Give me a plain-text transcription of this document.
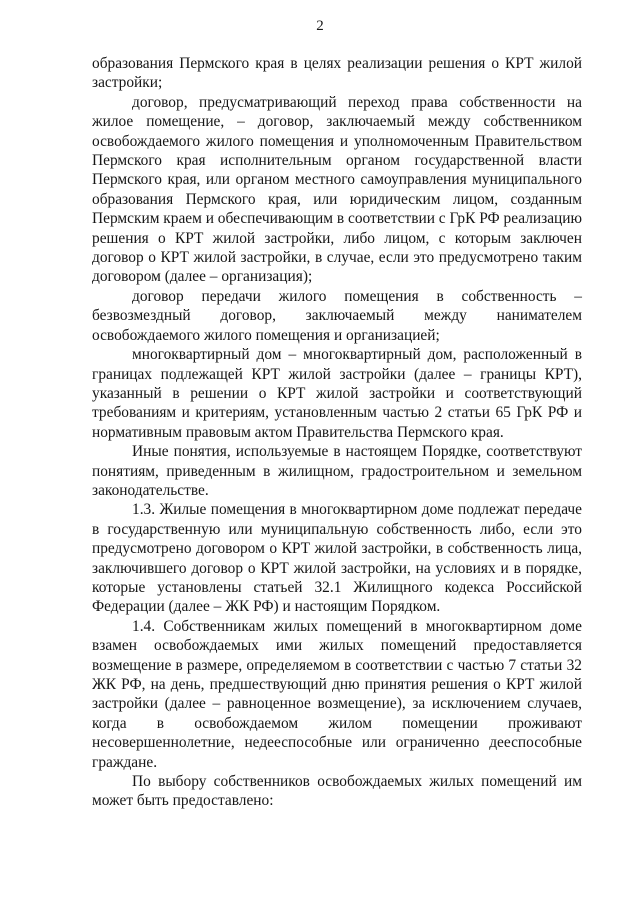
2

образования Пермского края в целях реализации решения о КРТ жилой застройки;

договор, предусматривающий переход права собственности на жилое помещение, – договор, заключаемый между собственником освобождаемого жилого помещения и уполномоченным Правительством Пермского края исполнительным органом государственной власти Пермского края, или органом местного самоуправления муниципального образования Пермского края, или юридическим лицом, созданным Пермским краем и обеспечивающим в соответствии с ГрК РФ реализацию решения о КРТ жилой застройки, либо лицом, с которым заключен договор о КРТ жилой застройки, в случае, если это предусмотрено таким договором (далее – организация);

договор передачи жилого помещения в собственность – безвозмездный договор, заключаемый между нанимателем освобождаемого жилого помещения и организацией;

многоквартирный дом – многоквартирный дом, расположенный в границах подлежащей КРТ жилой застройки (далее – границы КРТ), указанный в решении о КРТ жилой застройки и соответствующий требованиям и критериям, установленным частью 2 статьи 65 ГрК РФ и нормативным правовым актом Правительства Пермского края.

Иные понятия, используемые в настоящем Порядке, соответствуют понятиям, приведенным в жилищном, градостроительном и земельном законодательстве.

1.3. Жилые помещения в многоквартирном доме подлежат передаче в государственную или муниципальную собственность либо, если это предусмотрено договором о КРТ жилой застройки, в собственность лица, заключившего договор о КРТ жилой застройки, на условиях и в порядке, которые установлены статьей 32.1 Жилищного кодекса Российской Федерации (далее – ЖК РФ) и настоящим Порядком.

1.4. Собственникам жилых помещений в многоквартирном доме взамен освобождаемых ими жилых помещений предоставляется возмещение в размере, определяемом в соответствии с частью 7 статьи 32 ЖК РФ, на день, предшествующий дню принятия решения о КРТ жилой застройки (далее – равноценное возмещение), за исключением случаев, когда в освобождаемом жилом помещении проживают несовершеннолетние, недееспособные или ограниченно дееспособные граждане.

По выбору собственников освобождаемых жилых помещений им может быть предоставлено:
